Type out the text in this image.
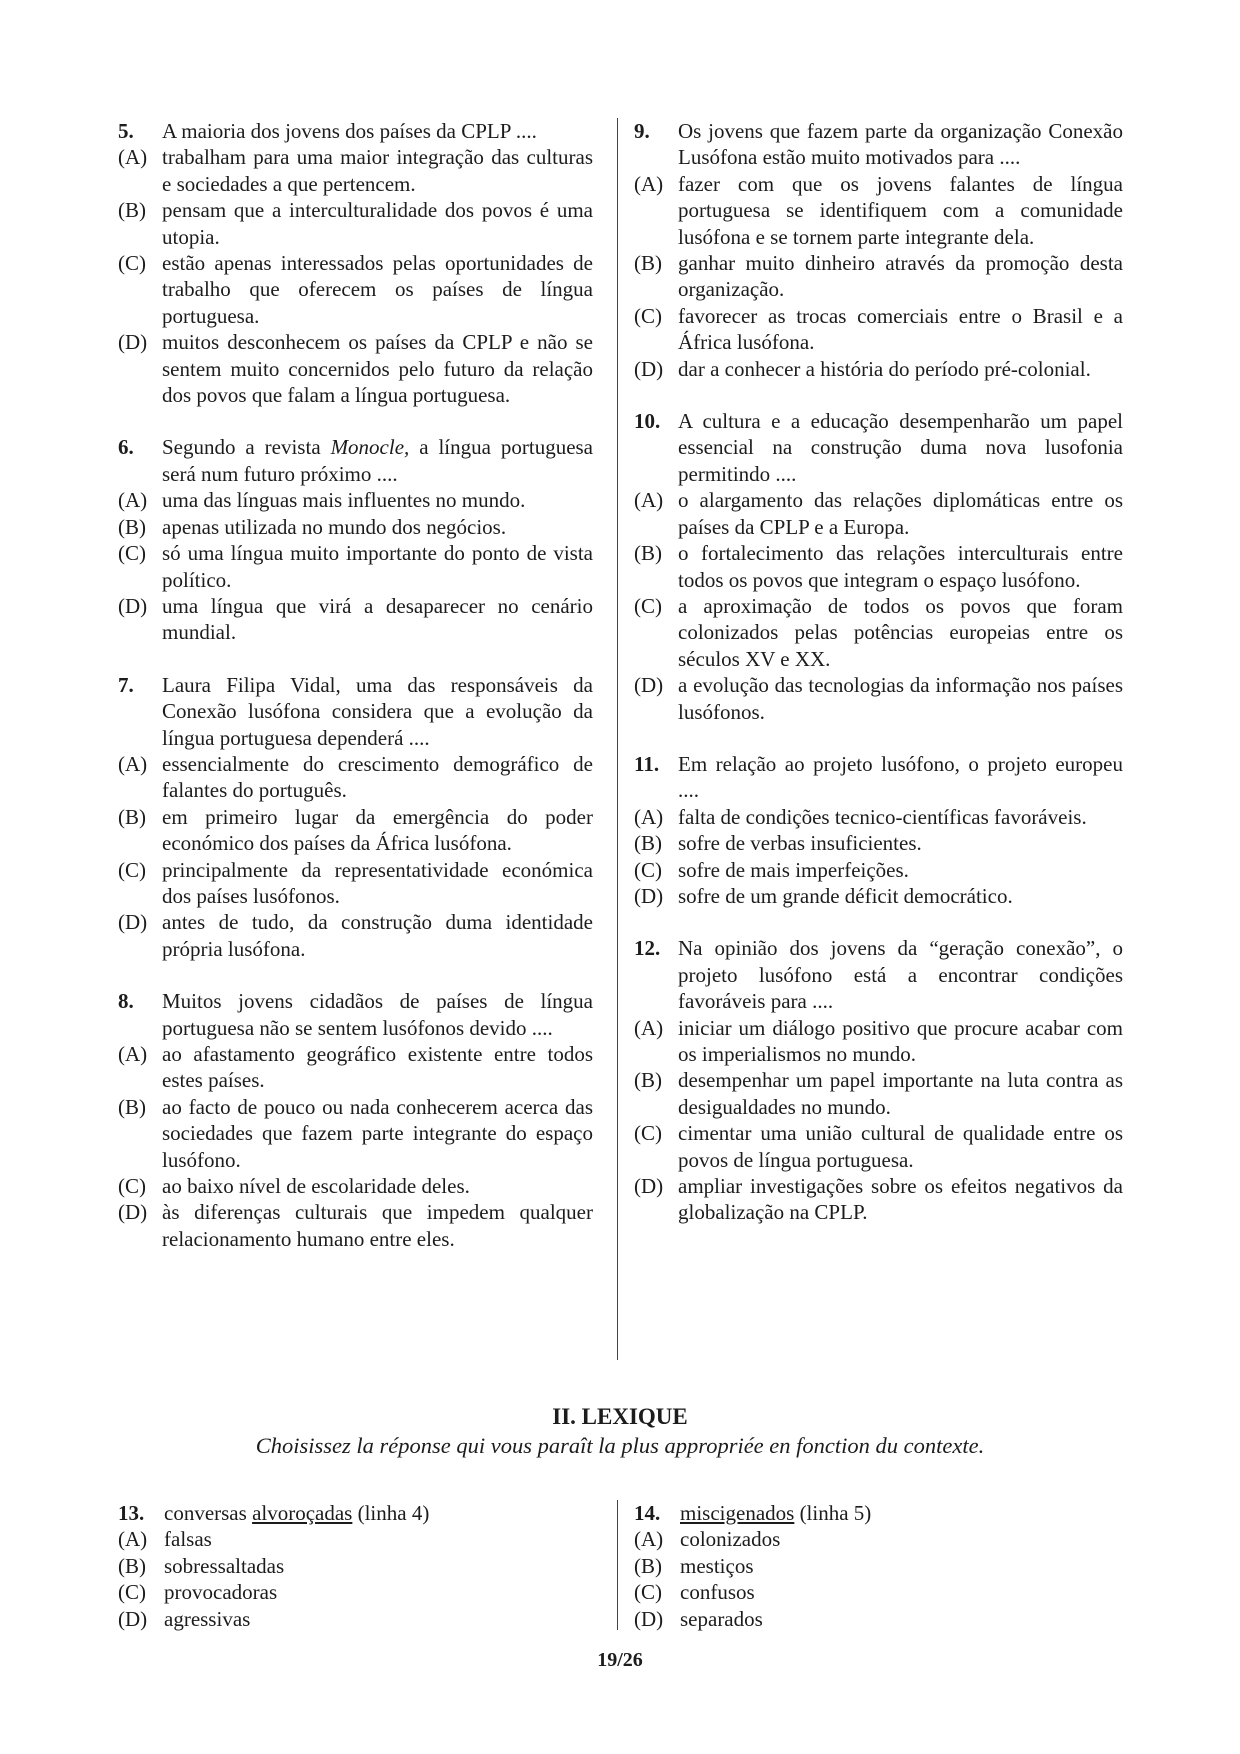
5.	A maioria dos jovens dos países da CPLP ....
(A) trabalham para uma maior integração das culturas e sociedades a que pertencem.
(B) pensam que a interculturalidade dos povos é uma utopia.
(C) estão apenas interessados pelas oportunidades de trabalho que oferecem os países de língua portuguesa.
(D) muitos desconhecem os países da CPLP e não se sentem muito concernidos pelo futuro da relação dos povos que falam a língua portuguesa.
6.	Segundo a revista Monocle, a língua portuguesa será num futuro próximo ....
(A) uma das línguas mais influentes no mundo.
(B) apenas utilizada no mundo dos negócios.
(C) só uma língua muito importante do ponto de vista político.
(D) uma língua que virá a desaparecer no cenário mundial.
7.	Laura Filipa Vidal, uma das responsáveis da Conexão lusófona considera que a evolução da língua portuguesa dependerá ....
(A) essencialmente do crescimento demográfico de falantes do português.
(B) em primeiro lugar da emergência do poder económico dos países da África lusófona.
(C) principalmente da representatividade económica dos países lusófonos.
(D) antes de tudo, da construção duma identidade própria lusófona.
8.	Muitos jovens cidadãos de países de língua portuguesa não se sentem lusófonos devido ....
(A) ao afastamento geográfico existente entre todos estes países.
(B) ao facto de pouco ou nada conhecerem acerca das sociedades que fazem parte integrante do espaço lusófono.
(C) ao baixo nível de escolaridade deles.
(D) às diferenças culturais que impedem qualquer relacionamento humano entre eles.
9.	Os jovens que fazem parte da organização Conexão Lusófona estão muito motivados para ....
(A) fazer com que os jovens falantes de língua portuguesa se identifiquem com a comunidade lusófona e se tornem parte integrante dela.
(B) ganhar muito dinheiro através da promoção desta organização.
(C) favorecer as trocas comerciais entre o Brasil e a África lusófona.
(D) dar a conhecer a história do período pré-colonial.
10. A cultura e a educação desempenharão um papel essencial na construção duma nova lusofonia permitindo ....
(A) o alargamento das relações diplomáticas entre os países da CPLP e a Europa.
(B) o fortalecimento das relações interculturais entre todos os povos que integram o espaço lusófono.
(C) a aproximação de todos os povos que foram colonizados pelas potências europeias entre os séculos XV e XX.
(D) a evolução das tecnologias da informação nos países lusófonos.
11. Em relação ao projeto lusófono, o projeto europeu ....
(A) falta de condições tecnico-científicas favoráveis.
(B) sofre de verbas insuficientes.
(C) sofre de mais imperfeições.
(D) sofre de um grande déficit democrático.
12. Na opinião dos jovens da “geração conexão”, o projeto lusófono está a encontrar condições favoráveis para ....
(A) iniciar um diálogo positivo que procure acabar com os imperialismos no mundo.
(B) desempenhar um papel importante na luta contra as desigualdades no mundo.
(C) cimentar uma união cultural de qualidade entre os povos de língua portuguesa.
(D) ampliar investigações sobre os efeitos negativos da globalização na CPLP.
II. LEXIQUE
Choisissez la réponse qui vous paraît la plus appropriée en fonction du contexte.
13. conversas alvoroçadas (linha 4)
(A) falsas
(B) sobressaltadas
(C) provocadoras
(D) agressivas
14. miscigenados (linha 5)
(A) colonizados
(B) mestiços
(C) confusos
(D) separados
19/26
